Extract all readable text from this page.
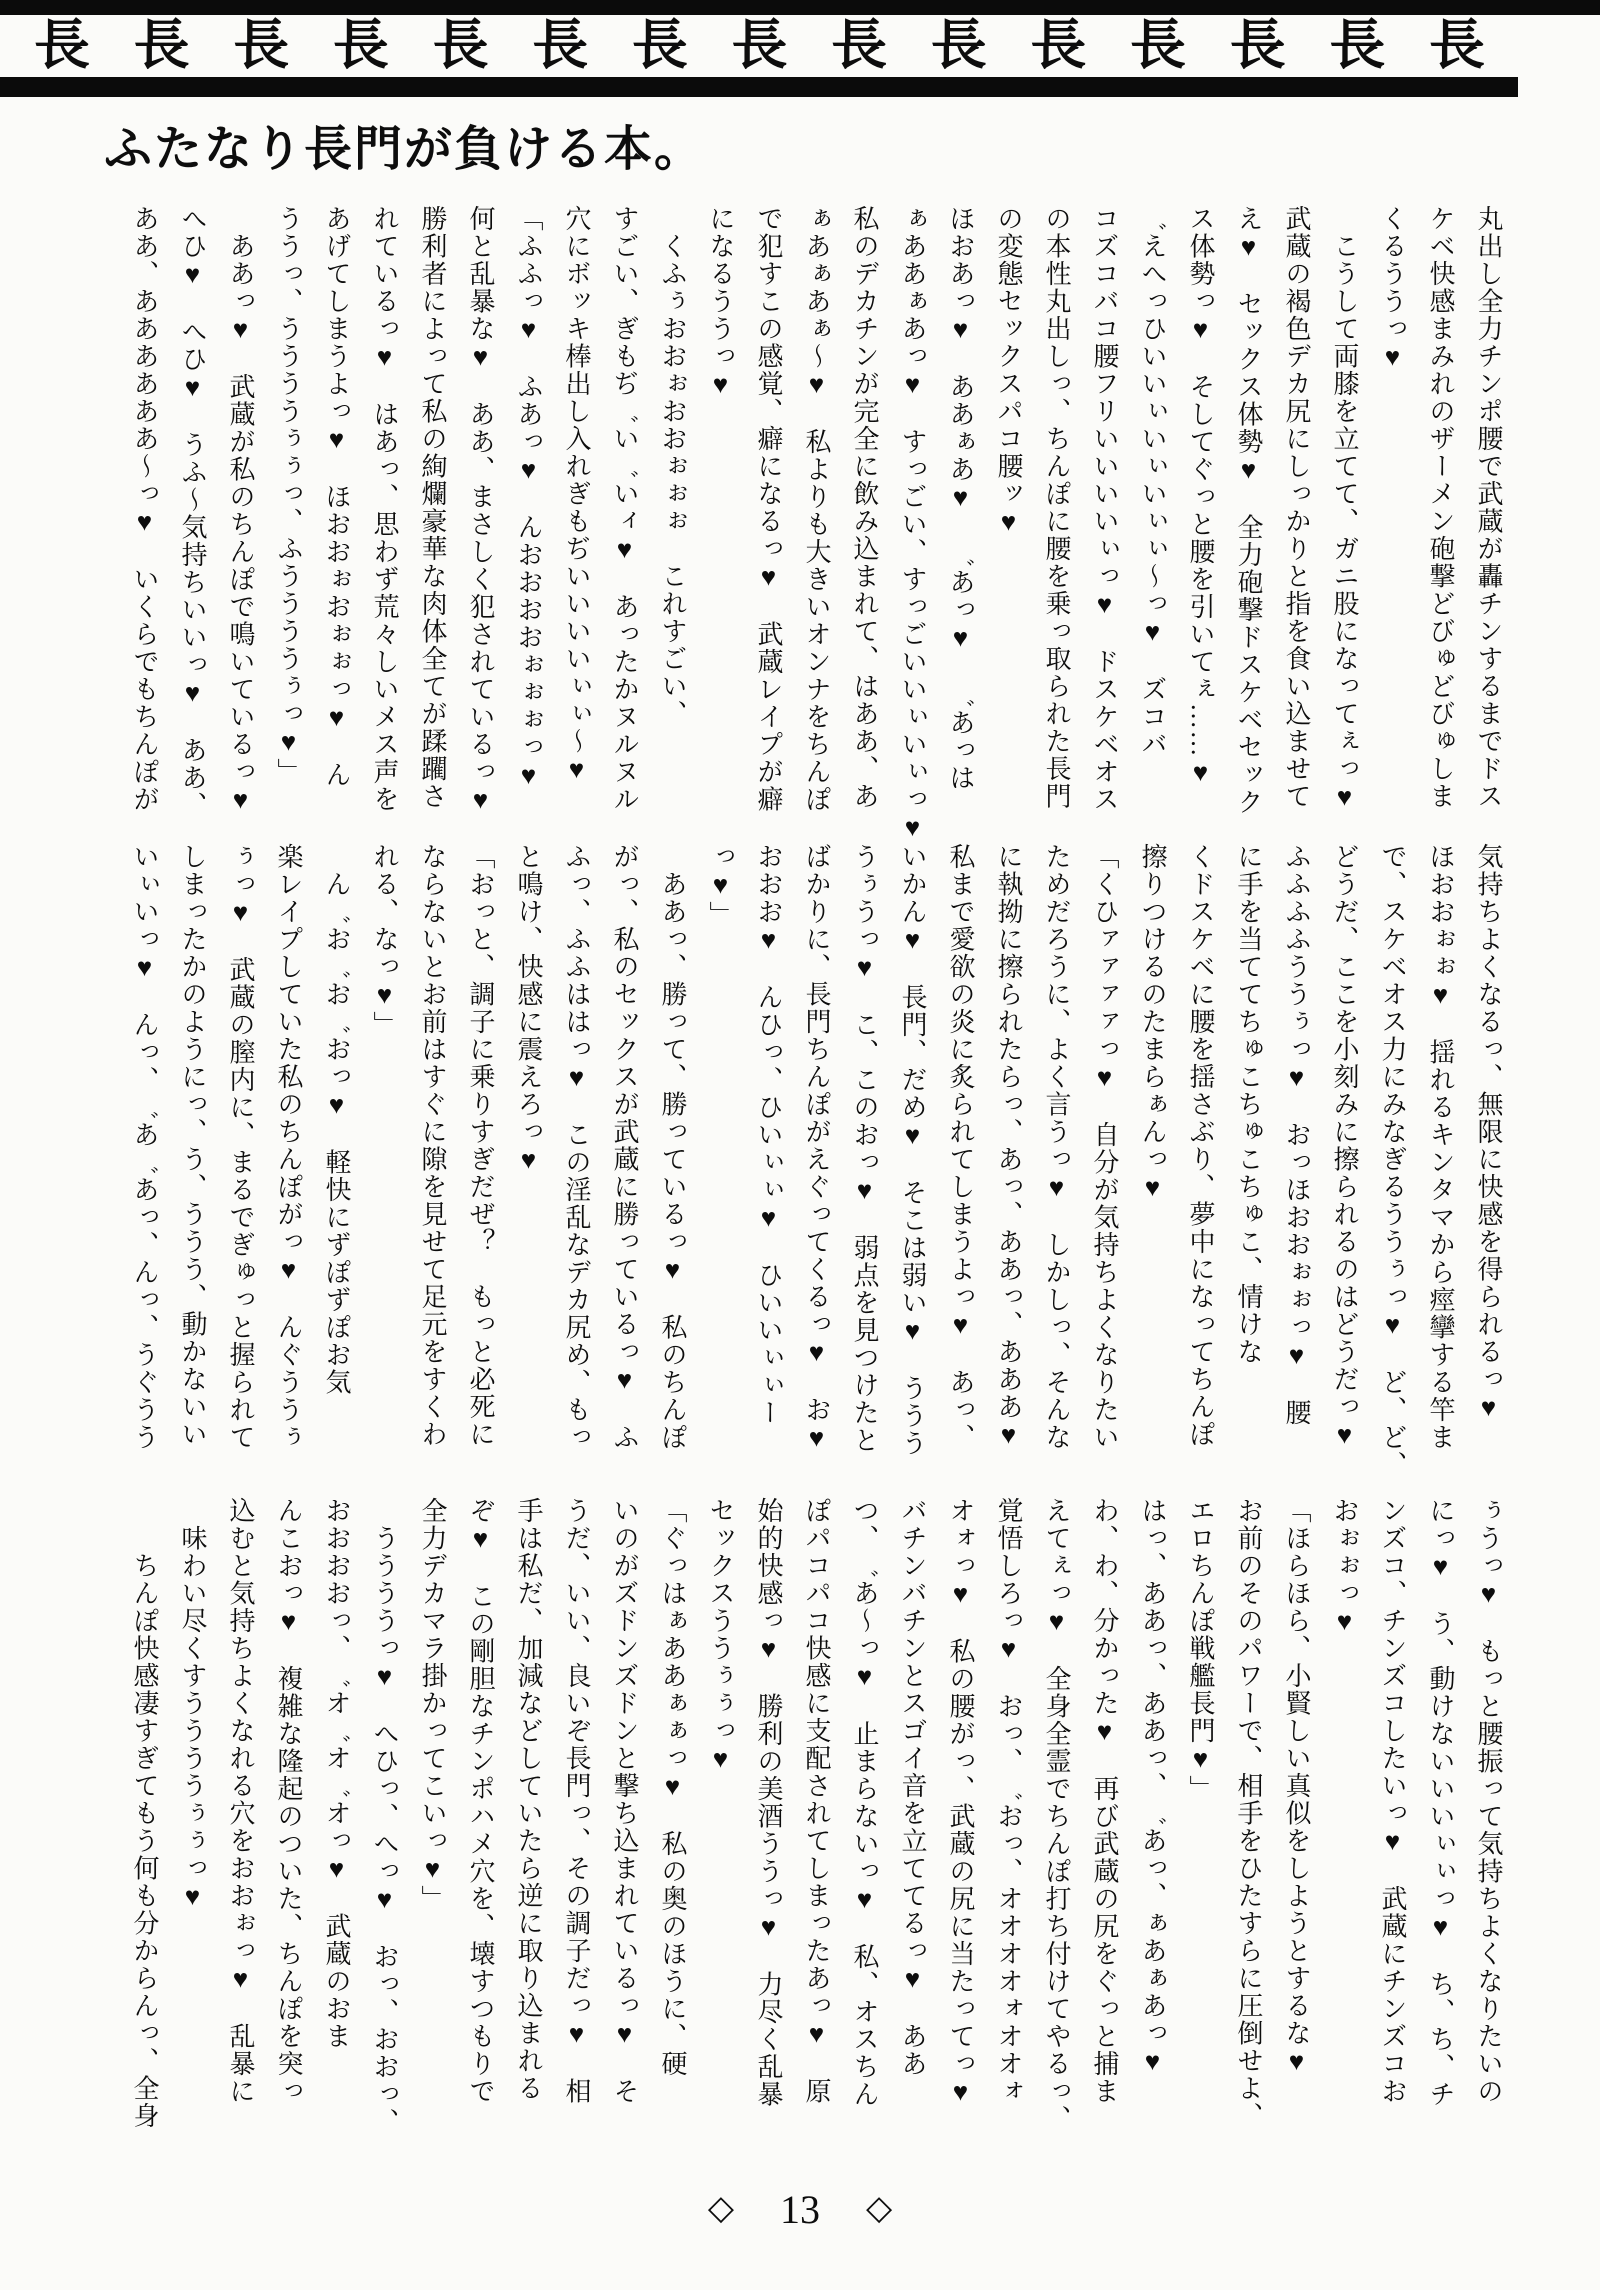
長 長 長 長 長 長 長 長 長 長 長 長 長 長 長
ふたなり長門が負ける本。
丸出し全力チンポ腰で武蔵が轟チンするまでドス
ケベ快感まみれのザーメン砲撃どびゅどびゅしま
くるううっ♥
　こうして両膝を立てて、ガニ股になってぇっ♥
武蔵の褐色デカ尻にしっかりと指を食い込ませて
え♥　セックス体勢♥　全力砲撃ドスケベセック
ス体勢っ♥　そしてぐっと腰を引いてぇ……♥
゛えへっひいいぃいぃいぃぃ〜っ♥　ズコバ
コズコバコ腰フリいいいいぃっ♥　ドスケベオス
の本性丸出しっ、ちんぽに腰を乗っ取られた長門
の変態セックスパコ腰ッ♥
ほおあっ♥　ああぁあ♥　゛あっ♥　゛あっは
ぁああぁあっ♥　すっごい、すっごいいぃいぃっ♥
私のデカチンが完全に飲み込まれて、はああ、あ
ぁあぁあぁ〜♥　私よりも大きいオンナをちんぽ
で犯すこの感覚、癖になるっ♥　武蔵レイプが癖
になるううっ♥
　くふぅおおぉおおぉぉぉ　これすごい、
すごい、ぎもぢ゛い゛いィ♥　あったかヌルヌル
穴にボッキ棒出し入れぎもぢいいいいぃぃ〜♥
「ふふっ♥　ふあっ♥　んおおおおぉぉぉっ♥
何と乱暴な♥　ああ、まさしく犯されているっ♥
勝利者によって私の絢爛豪華な肉体全てが蹂躙さ
れているっ♥　はあっ、思わず荒々しいメス声を
あげてしまうよっ♥　ほおおぉおぉぉっ♥　ん
ううっ、ううううぅぅっ、ふううううぅっ♥」
　ああっ♥　武蔵が私のちんぽで鳴いているっ♥
へひ♥　へひ♥　うふ〜気持ちいいっ♥　ああ、
ああ、ああああああ〜っ♥　いくらでもちんぽが
気持ちよくなるっ、無限に快感を得られるっ♥
ほおおぉぉ♥　揺れるキンタマから痙攣する竿ま
で、スケベオス力にみなぎるううぅっ♥　ど、ど、
どうだ、ここを小刻みに擦られるのはどうだっ♥
ふふふふううぅっ♥　おっほおおぉぉっ♥　腰
に手を当ててちゅこちゅこちゅこ、情けな
くドスケベに腰を揺さぶり、夢中になってちんぽ
擦りつけるのたまらぁんっ♥
「くひァァァァっ♥　自分が気持ちよくなりたい
ためだろうに、よく言うっ♥　しかしっ、そんな
に執拗に擦られたらっ、あっ、ああっ、あああ♥
私まで愛欲の炎に炙られてしまうよっ♥　あっ、
いかん♥　長門、だめ♥　そこは弱い♥　ううう
うぅうっ♥　こ、このおっ♥　弱点を見つけたと
ばかりに、長門ちんぽがえぐってくるっ♥　お♥
おおお♥　んひっ、ひいぃぃ♥　ひいいぃぃー
っ♥」
　ああっ、勝って、勝っているっ♥　私のちんぽ
がっ、私のセックスが武蔵に勝っているっ♥　ふ
ふっ、ふふははっ♥　この淫乱なデカ尻め、もっ
と鳴け、快感に震えろっ♥
「おっと、調子に乗りすぎだぜ？　もっと必死に
ならないとお前はすぐに隙を見せて足元をすくわ
れる、なっ♥」
　ん゛お゛お゛おっ♥　軽快にずぽずぽお気
楽レイプしていた私のちんぽがっ♥　んぐううぅ
ぅっ♥　武蔵の膣内に、まるでぎゅっと握られて
しまったかのようにっ、う、ううう、動かないい
いぃいっ♥　んっ、゛あ゛あっ、んっ、うぐうう
ぅうっ♥　もっと腰振って気持ちよくなりたいの
にっ♥　う、動けないいいぃぃっ♥　ち、ち、チ
ンズコ、チンズコしたいっ♥　武蔵にチンズコお
おぉぉっ♥
「ほらほら、小賢しい真似をしようとするな♥
お前のそのパワーで、相手をひたすらに圧倒せよ、
エロちんぽ戦艦長門♥」
はっ、ああっ、ああっ、゛あっ、ぁあぁあっ♥
わ、わ、分かった♥　再び武蔵の尻をぐっと捕ま
えてぇっ♥　全身全霊でちんぽ打ち付けてやるっ、
覚悟しろっ♥　おっ、゛おっ、オオオオォオオォ
オォっ♥　私の腰がっ、武蔵の尻に当たってっ♥
バチンバチンとスゴイ音を立ててるっ♥　ああ
つ、゛あ〜っ♥　止まらないっ♥　私、オスちん
ぽパコパコ快感に支配されてしまったあっ♥　原
始的快感っ♥　勝利の美酒ううっ♥　力尽く乱暴
セックスううぅぅっ♥
「ぐっはぁああぁぁっ♥　私の奥のほうに、硬
いのがズドンズドンと撃ち込まれているっ♥　そ
うだ、いい、良いぞ長門っ、その調子だっ♥　相
手は私だ、加減などしていたら逆に取り込まれる
ぞ♥　この剛胆なチンポハメ穴を、壊すつもりで
全力デカマラ掛かってこいっ♥」
　ううううっ♥　へひっ、へっ♥　おっ、おおっ、
おおおおっ、゛オ゛オ゛オっ♥　武蔵のおま
んこおっ♥　複雑な隆起のついた、ちんぽを突っ
込むと気持ちよくなれる穴をおおぉっ♥　乱暴に
　味わい尽くすううううぅぅっ♥
　　ちんぽ快感凄すぎてもう何も分からんっ、全身
◇ 13 ◇
